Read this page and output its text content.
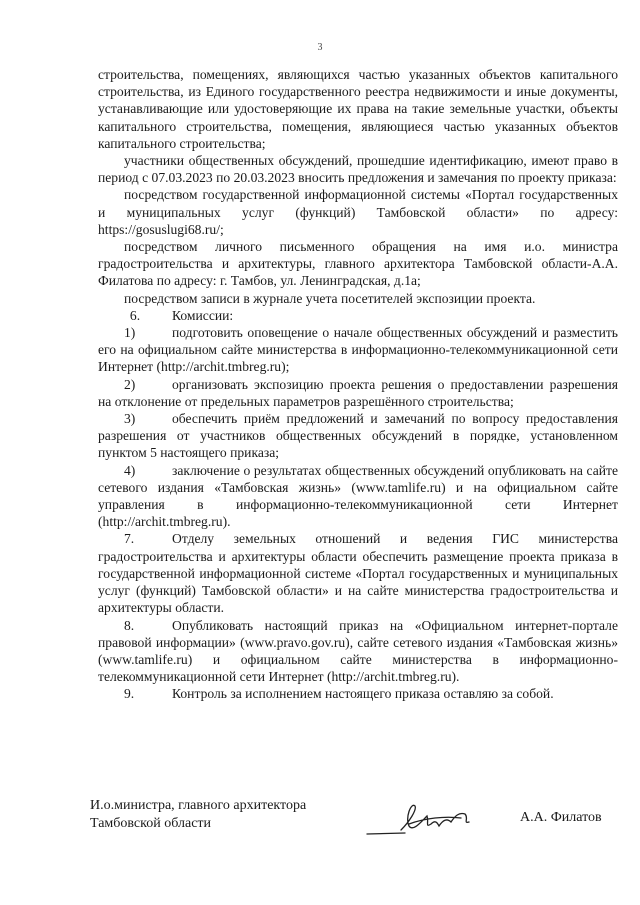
3

строительства, помещениях, являющихся частью указанных объектов капитального строительства, из Единого государственного реестра недвижимости и иные документы, устанавливающие или удостоверяющие их права на такие земельные участки, объекты капитального строительства, помещения, являющиеся частью указанных объектов капитального строительства;

участники общественных обсуждений, прошедшие идентификацию, имеют право в период с 07.03.2023 по 20.03.2023 вносить предложения и замечания по проекту приказа:

посредством государственной информационной системы «Портал государственных и муниципальных услуг (функций) Тамбовской области» по адресу: https://gosuslugi68.ru/;

посредством личного письменного обращения на имя и.о. министра градостроительства и архитектуры, главного архитектора Тамбовской области-А.А. Филатова по адресу: г. Тамбов, ул. Ленинградская, д.1а;

посредством записи в журнале учета посетителей экспозиции проекта.

6.	Комиссии:
1)	подготовить оповещение о начале общественных обсуждений и разместить его на официальном сайте министерства в информационно-телекоммуникационной сети Интернет (http://archit.tmbreg.ru);
2)	организовать экспозицию проекта решения о предоставлении разрешения на отклонение от предельных параметров разрешённого строительства;
3)	обеспечить приём предложений и замечаний по вопросу предоставления разрешения от участников общественных обсуждений в порядке, установленном пунктом 5 настоящего приказа;
4)	заключение о результатах общественных обсуждений опубликовать на сайте сетевого издания «Тамбовская жизнь» (www.tamlife.ru) и на официальном сайте управления в информационно-телекоммуникационной сети Интернет (http://archit.tmbreg.ru).
7.	Отделу земельных отношений и ведения ГИС министерства градостроительства и архитектуры области обеспечить размещение проекта приказа в государственной информационной системе «Портал государственных и муниципальных услуг (функций) Тамбовской области» и на сайте министерства градостроительства и архитектуры области.
8.	Опубликовать настоящий приказ на «Официальном интернет-портале правовой информации» (www.pravo.gov.ru), сайте сетевого издания «Тамбовская жизнь» (www.tamlife.ru) и официальном сайте министерства в информационно-телекоммуникационной сети Интернет (http://archit.tmbreg.ru).
9.	Контроль за исполнением настоящего приказа оставляю за собой.
И.о.министра, главного архитектора
Тамбовской области	А.А. Филатов
